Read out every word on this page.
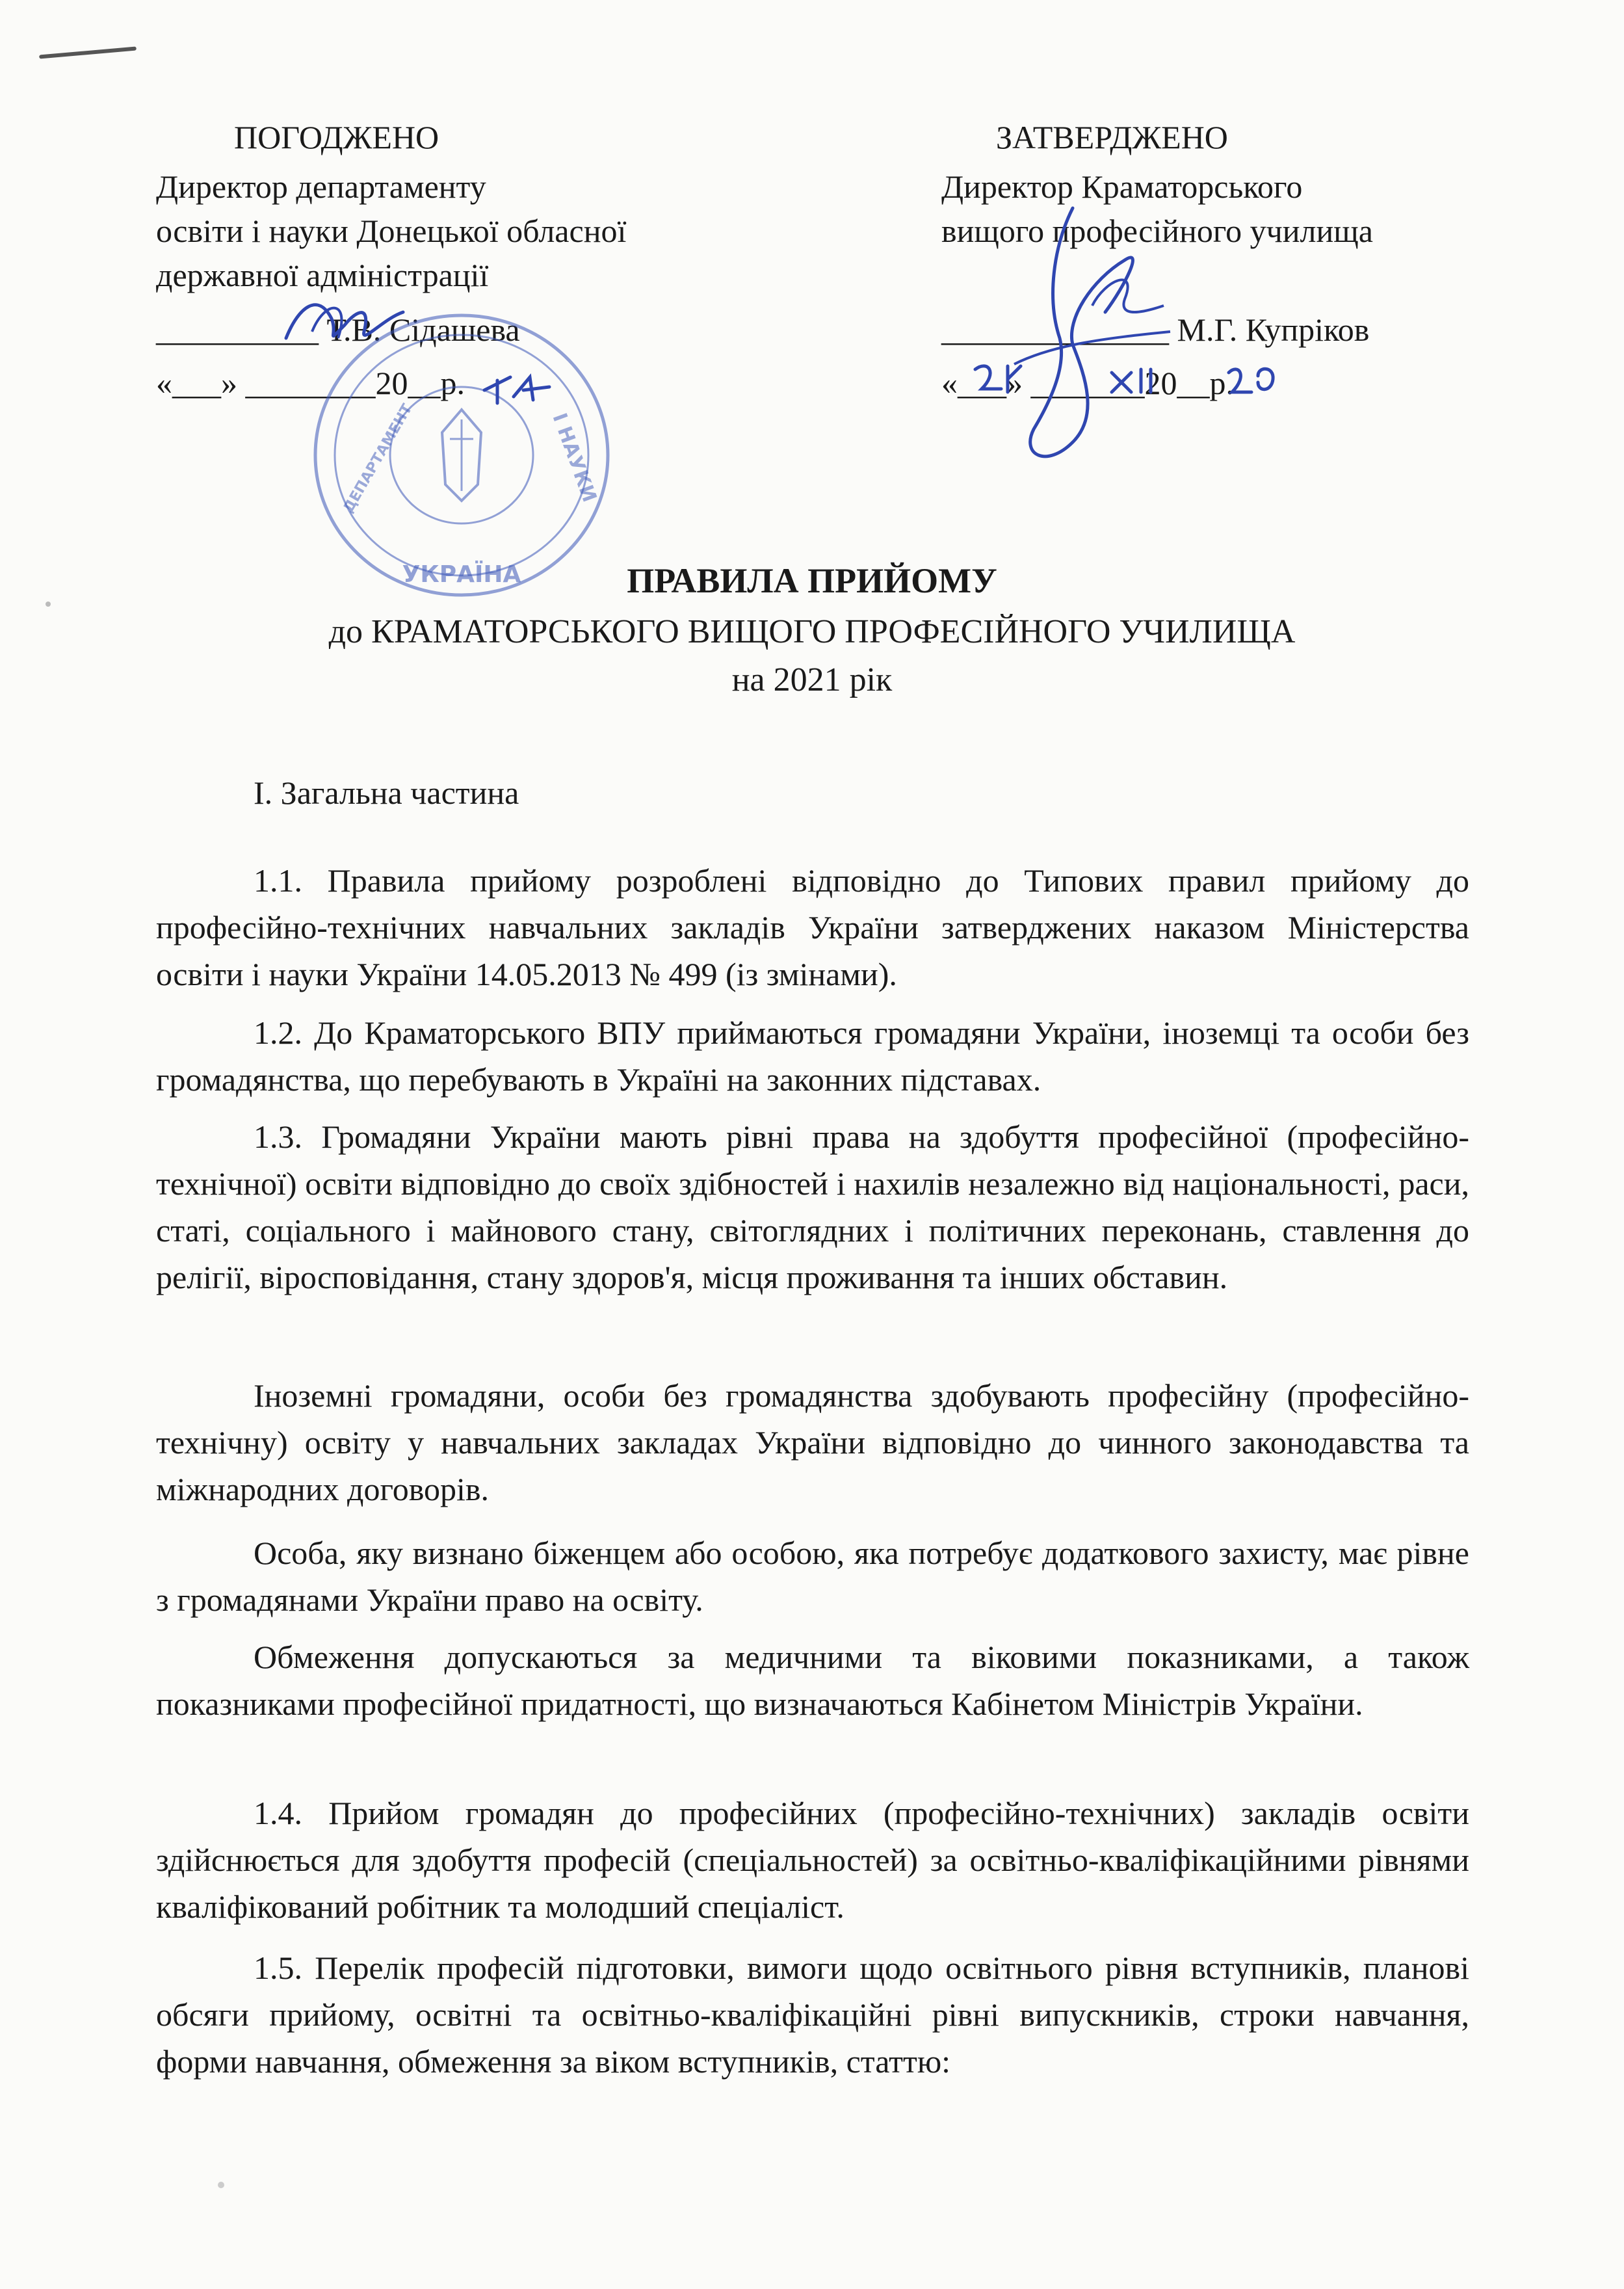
ПОГОДЖЕНО
Директор департаменту
освіти і науки Донецької обласної
державної адміністрації
__________ Т.В. Сідашева
«___» ________20__р.
ЗАТВЕРДЖЕНО
Директор Краматорського
вищого професійного училища
______________ М.Г. Купріков
«___» _______20__р.
І НАУКИ
ДЕПАРТАМЕНТ
УКРАЇНА	ПРАВИЛА ПРИЙОМУ
до КРАМАТОРСЬКОГО ВИЩОГО ПРОФЕСІЙНОГО УЧИЛИЩА
на 2021 рік
І. Загальна частина

1.1. Правила прийому розроблені відповідно до Типових правил прийому до професійно-технічних навчальних закладів України затверджених наказом Міністерства освіти і науки України 14.05.2013 № 499 (із змінами).

1.2. До Краматорського ВПУ приймаються громадяни України, іноземці та особи без громадянства, що перебувають в Україні на законних підставах.

1.3. Громадяни України мають рівні права на здобуття професійної (професійно-технічної) освіти відповідно до своїх здібностей і нахилів незалежно від національності, раси, статі, соціального і майнового стану, світоглядних і політичних переконань, ставлення до релігії, віросповідання, стану здоров'я, місця проживання та інших обставин.

Іноземні громадяни, особи без громадянства здобувають професійну (професійно-технічну) освіту у навчальних закладах України відповідно до чинного законодавства та міжнародних договорів.

Особа, яку визнано біженцем або особою, яка потребує додаткового захисту, має рівне з громадянами України право на освіту.

Обмеження допускаються за медичними та віковими показниками, а також показниками професійної придатності, що визначаються Кабінетом Міністрів України.

1.4. Прийом громадян до професійних (професійно-технічних) закладів освіти здійснюється для здобуття професій (спеціальностей) за освітньо-кваліфікаційними рівнями кваліфікований робітник та молодший спеціаліст.

1.5. Перелік професій підготовки, вимоги щодо освітнього рівня вступників, планові обсяги прийому, освітні та освітньо-кваліфікаційні рівні випускників, строки навчання, форми навчання, обмеження за віком вступників, статтю:
